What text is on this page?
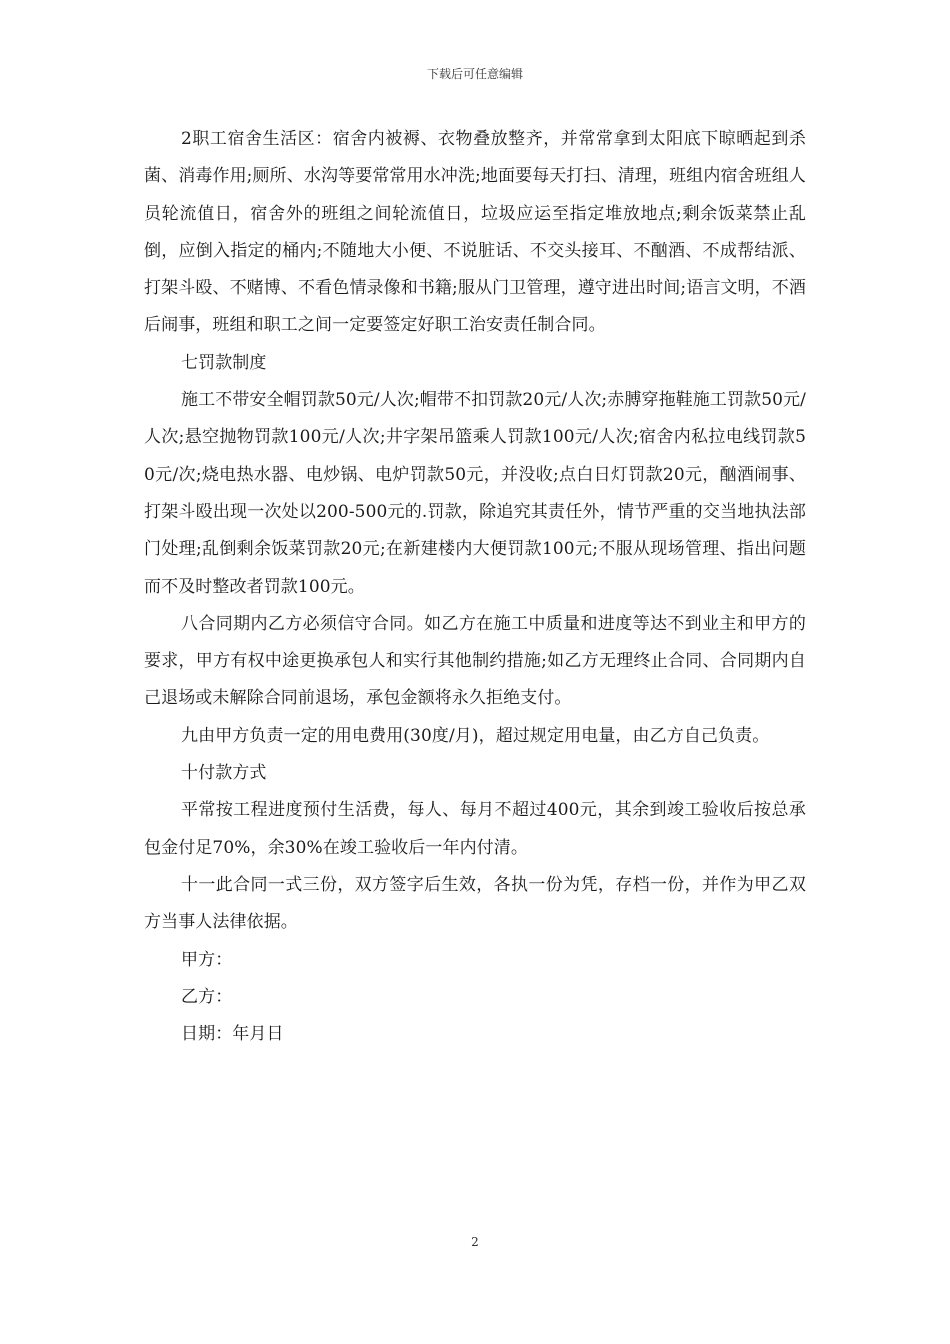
下载后可任意编辑

2职工宿舍生活区：宿舍内被褥、衣物叠放整齐，并常常拿到太阳底下晾晒起到杀菌、消毒作用;厕所、水沟等要常常用水冲洗;地面要每天打扫、清理，班组内宿舍班组人员轮流值日，宿舍外的班组之间轮流值日，垃圾应运至指定堆放地点;剩余饭菜禁止乱倒，应倒入指定的桶内;不随地大小便、不说脏话、不交头接耳、不酗酒、不成帮结派、打架斗殴、不赌博、不看色情录像和书籍;服从门卫管理，遵守进出时间;语言文明，不酒后闹事，班组和职工之间一定要签定好职工治安责任制合同。

七罚款制度

施工不带安全帽罚款50元/人次;帽带不扣罚款20元/人次;赤膊穿拖鞋施工罚款50元/人次;悬空抛物罚款100元/人次;井字架吊篮乘人罚款100元/人次;宿舍内私拉电线罚款50元/次;烧电热水器、电炒锅、电炉罚款50元，并没收;点白日灯罚款20元，酗酒闹事、打架斗殴出现一次处以200-500元的.罚款，除追究其责任外，情节严重的交当地执法部门处理;乱倒剩余饭菜罚款20元;在新建楼内大便罚款100元;不服从现场管理、指出问题而不及时整改者罚款100元。

八合同期内乙方必须信守合同。如乙方在施工中质量和进度等达不到业主和甲方的要求，甲方有权中途更换承包人和实行其他制约措施;如乙方无理终止合同、合同期内自己退场或未解除合同前退场，承包金额将永久拒绝支付。

九由甲方负责一定的用电费用(30度/月)，超过规定用电量，由乙方自己负责。

十付款方式

平常按工程进度预付生活费，每人、每月不超过400元，其余到竣工验收后按总承包金付足70%，余30%在竣工验收后一年内付清。

十一此合同一式三份，双方签字后生效，各执一份为凭，存档一份，并作为甲乙双方当事人法律依据。

甲方：

乙方：

日期：年月日

2
